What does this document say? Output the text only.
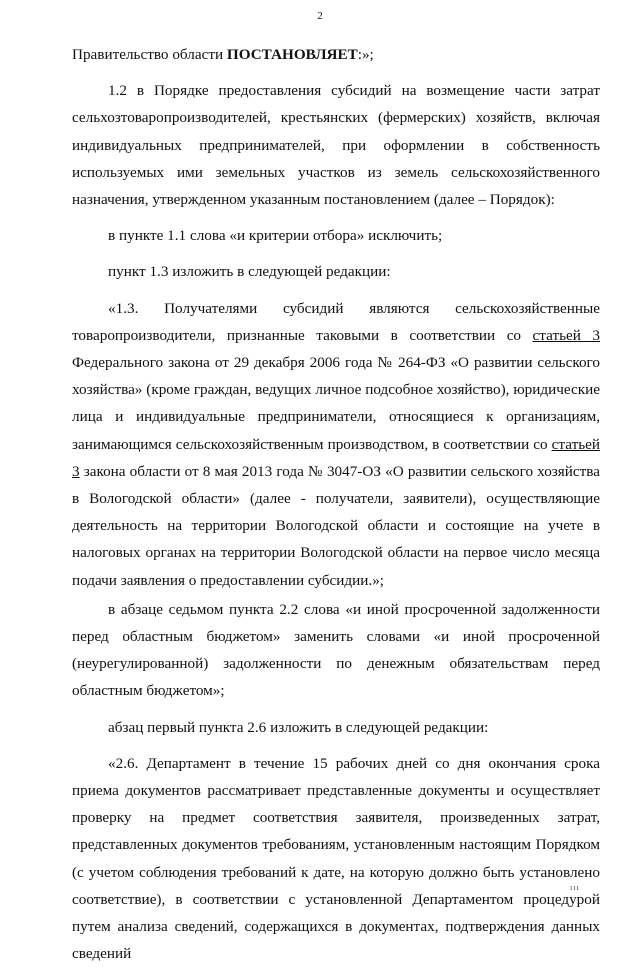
2

Правительство области ПОСТАНОВЛЯЕТ:»;

1.2 в Порядке предоставления субсидий на возмещение части затрат сельхозтоваропроизводителей, крестьянских (фермерских) хозяйств, включая индивидуальных предпринимателей, при оформлении в собственность используемых ими земельных участков из земель сельскохозяйственного назначения, утвержденном указанным постановлением (далее – Порядок):

в пункте 1.1 слова «и критерии отбора» исключить;

пункт 1.3 изложить в следующей редакции:

«1.3. Получателями субсидий являются сельскохозяйственные товаропроизводители, признанные таковыми в соответствии со статьей 3 Федерального закона от 29 декабря 2006 года № 264-ФЗ «О развитии сельского хозяйства» (кроме граждан, ведущих личное подсобное хозяйство), юридические лица и индивидуальные предприниматели, относящиеся к организациям, занимающимся сельскохозяйственным производством, в соответствии со статьей 3 закона области от 8 мая 2013 года № 3047-ОЗ «О развитии сельского хозяйства в Вологодской области» (далее - получатели, заявители), осуществляющие деятельность на территории Вологодской области и состоящие на учете в налоговых органах на территории Вологодской области на первое число месяца подачи заявления о предоставлении субсидии.»;

в абзаце седьмом пункта 2.2 слова «и иной просроченной задолженности перед областным бюджетом» заменить словами «и иной просроченной (неурегулированной) задолженности по денежным обязательствам перед областным бюджетом»;

абзац первый пункта 2.6 изложить в следующей редакции:

«2.6. Департамент в течение 15 рабочих дней со дня окончания срока приема документов рассматривает представленные документы и осуществляет проверку на предмет соответствия заявителя, произведенных затрат, представленных документов требованиям, установленным настоящим Порядком (с учетом соблюдения требований к дате, на которую должно быть установлено соответствие), в соответствии с установленной Департаментом процедурой путем анализа сведений, содержащихся в документах, подтверждения данных сведений

ııı
